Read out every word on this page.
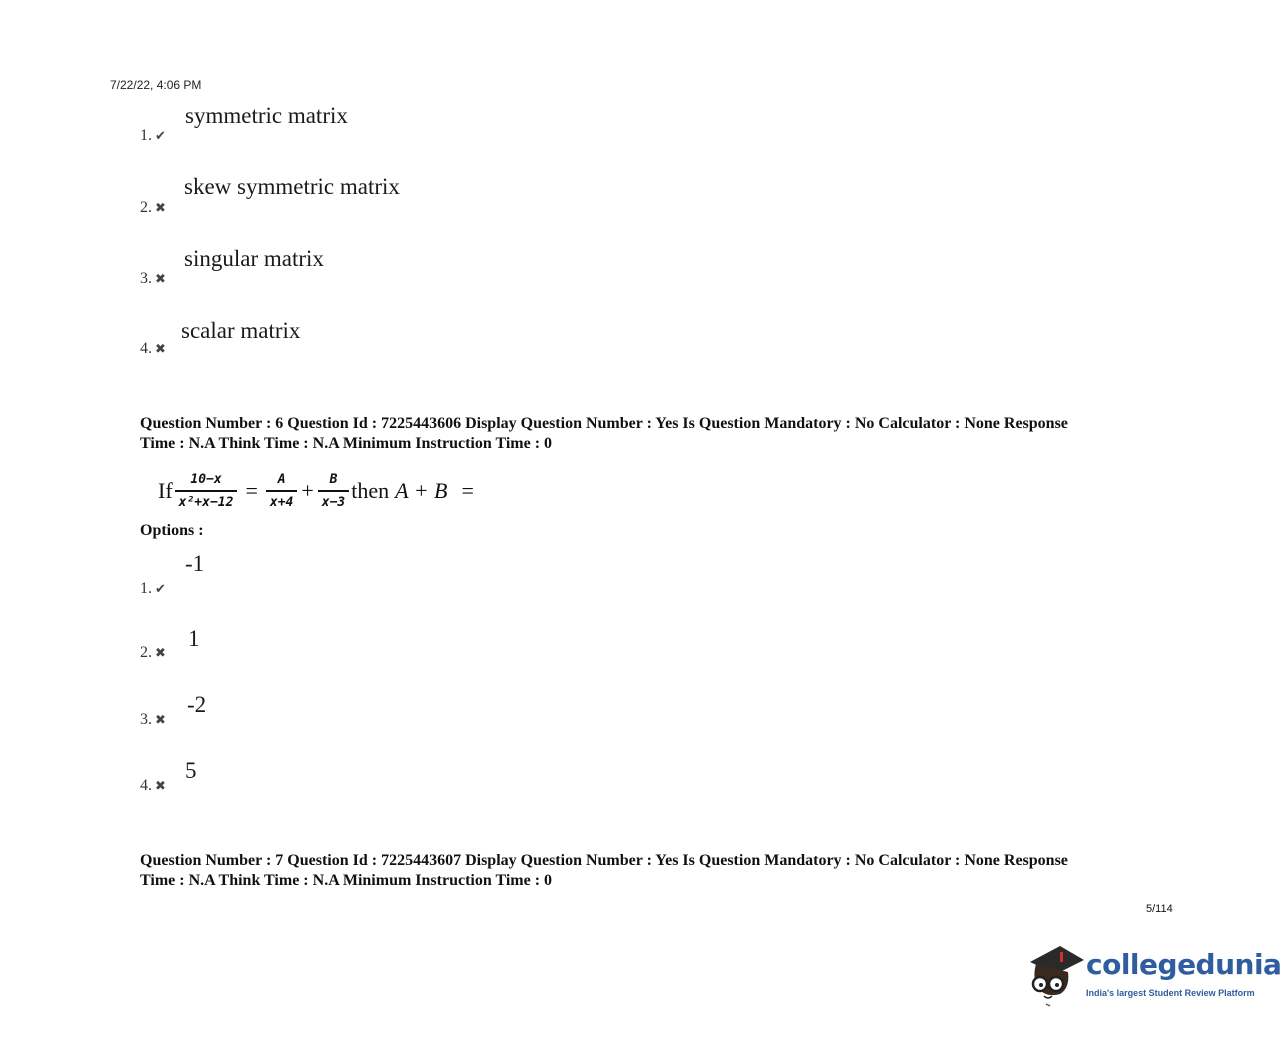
7/22/22, 4:06 PM
1. ✔
symmetric matrix
2. ✖
skew symmetric matrix
3. ✖
singular matrix
4. ✖
scalar matrix
Question Number : 6 Question Id : 7225443606 Display Question Number : Yes Is Question Mandatory : No Calculator : None Response
Time : N.A Think Time : N.A Minimum Instruction Time : 0
If $\frac{10-x}{\text{x²+x−12}} = \frac{A}{x+4} + \frac{B}{x-3}$ then A + B =
Options :
1. ✔
-1
2. ✖
1
3. ✖
-2
4. ✖
5
Question Number : 7 Question Id : 7225443607 Display Question Number : Yes Is Question Mandatory : No Calculator : None Response
Time : N.A Think Time : N.A Minimum Instruction Time : 0
5/114
collegedunia
India's largest Student Review Platform
